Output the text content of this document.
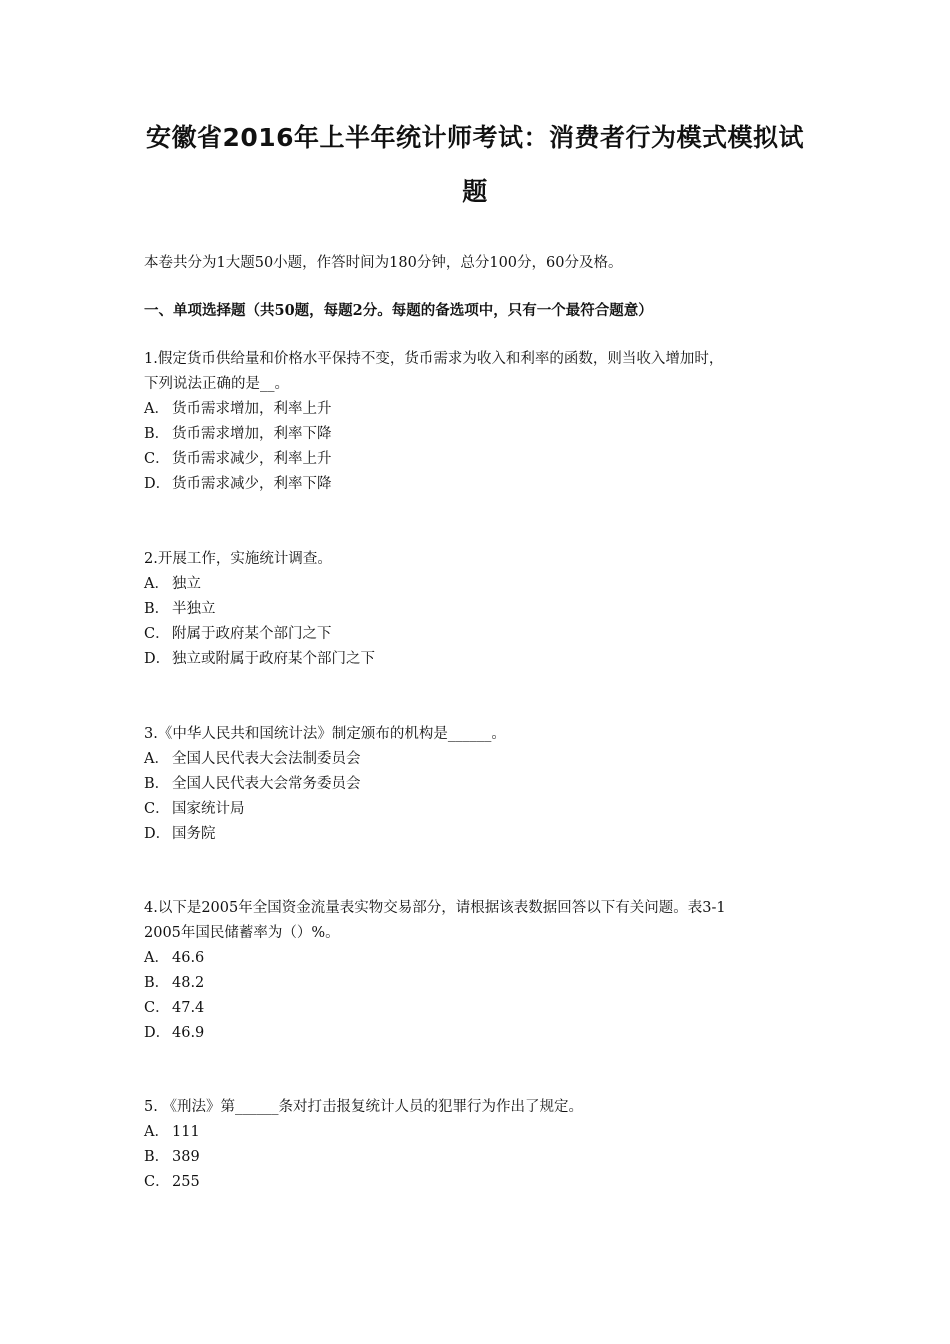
安徽省2016年上半年统计师考试：消费者行为模式模拟试
题
本卷共分为1大题50小题，作答时间为180分钟，总分100分，60分及格。
一、单项选择题（共50题，每题2分。每题的备选项中，只有一个最符合题意）
1.假定货币供给量和价格水平保持不变，货币需求为收入和利率的函数，则当收入增加时，
下列说法正确的是__。
A． 货币需求增加，利率上升
B． 货币需求增加，利率下降
C． 货币需求减少，利率上升
D． 货币需求减少，利率下降
2.开展工作，实施统计调查。
A． 独立
B． 半独立
C． 附属于政府某个部门之下
D． 独立或附属于政府某个部门之下
3.《中华人民共和国统计法》制定颁布的机构是______。
A． 全国人民代表大会法制委员会
B． 全国人民代表大会常务委员会
C． 国家统计局
D． 国务院
4.以下是2005年全国资金流量表实物交易部分，请根据该表数据回答以下有关问题。表3-1
2005年国民储蓄率为（）%。
A． 46.6
B． 48.2
C． 47.4
D． 46.9
5. 《刑法》第______条对打击报复统计人员的犯罪行为作出了规定。
A． 111
B． 389
C． 255
